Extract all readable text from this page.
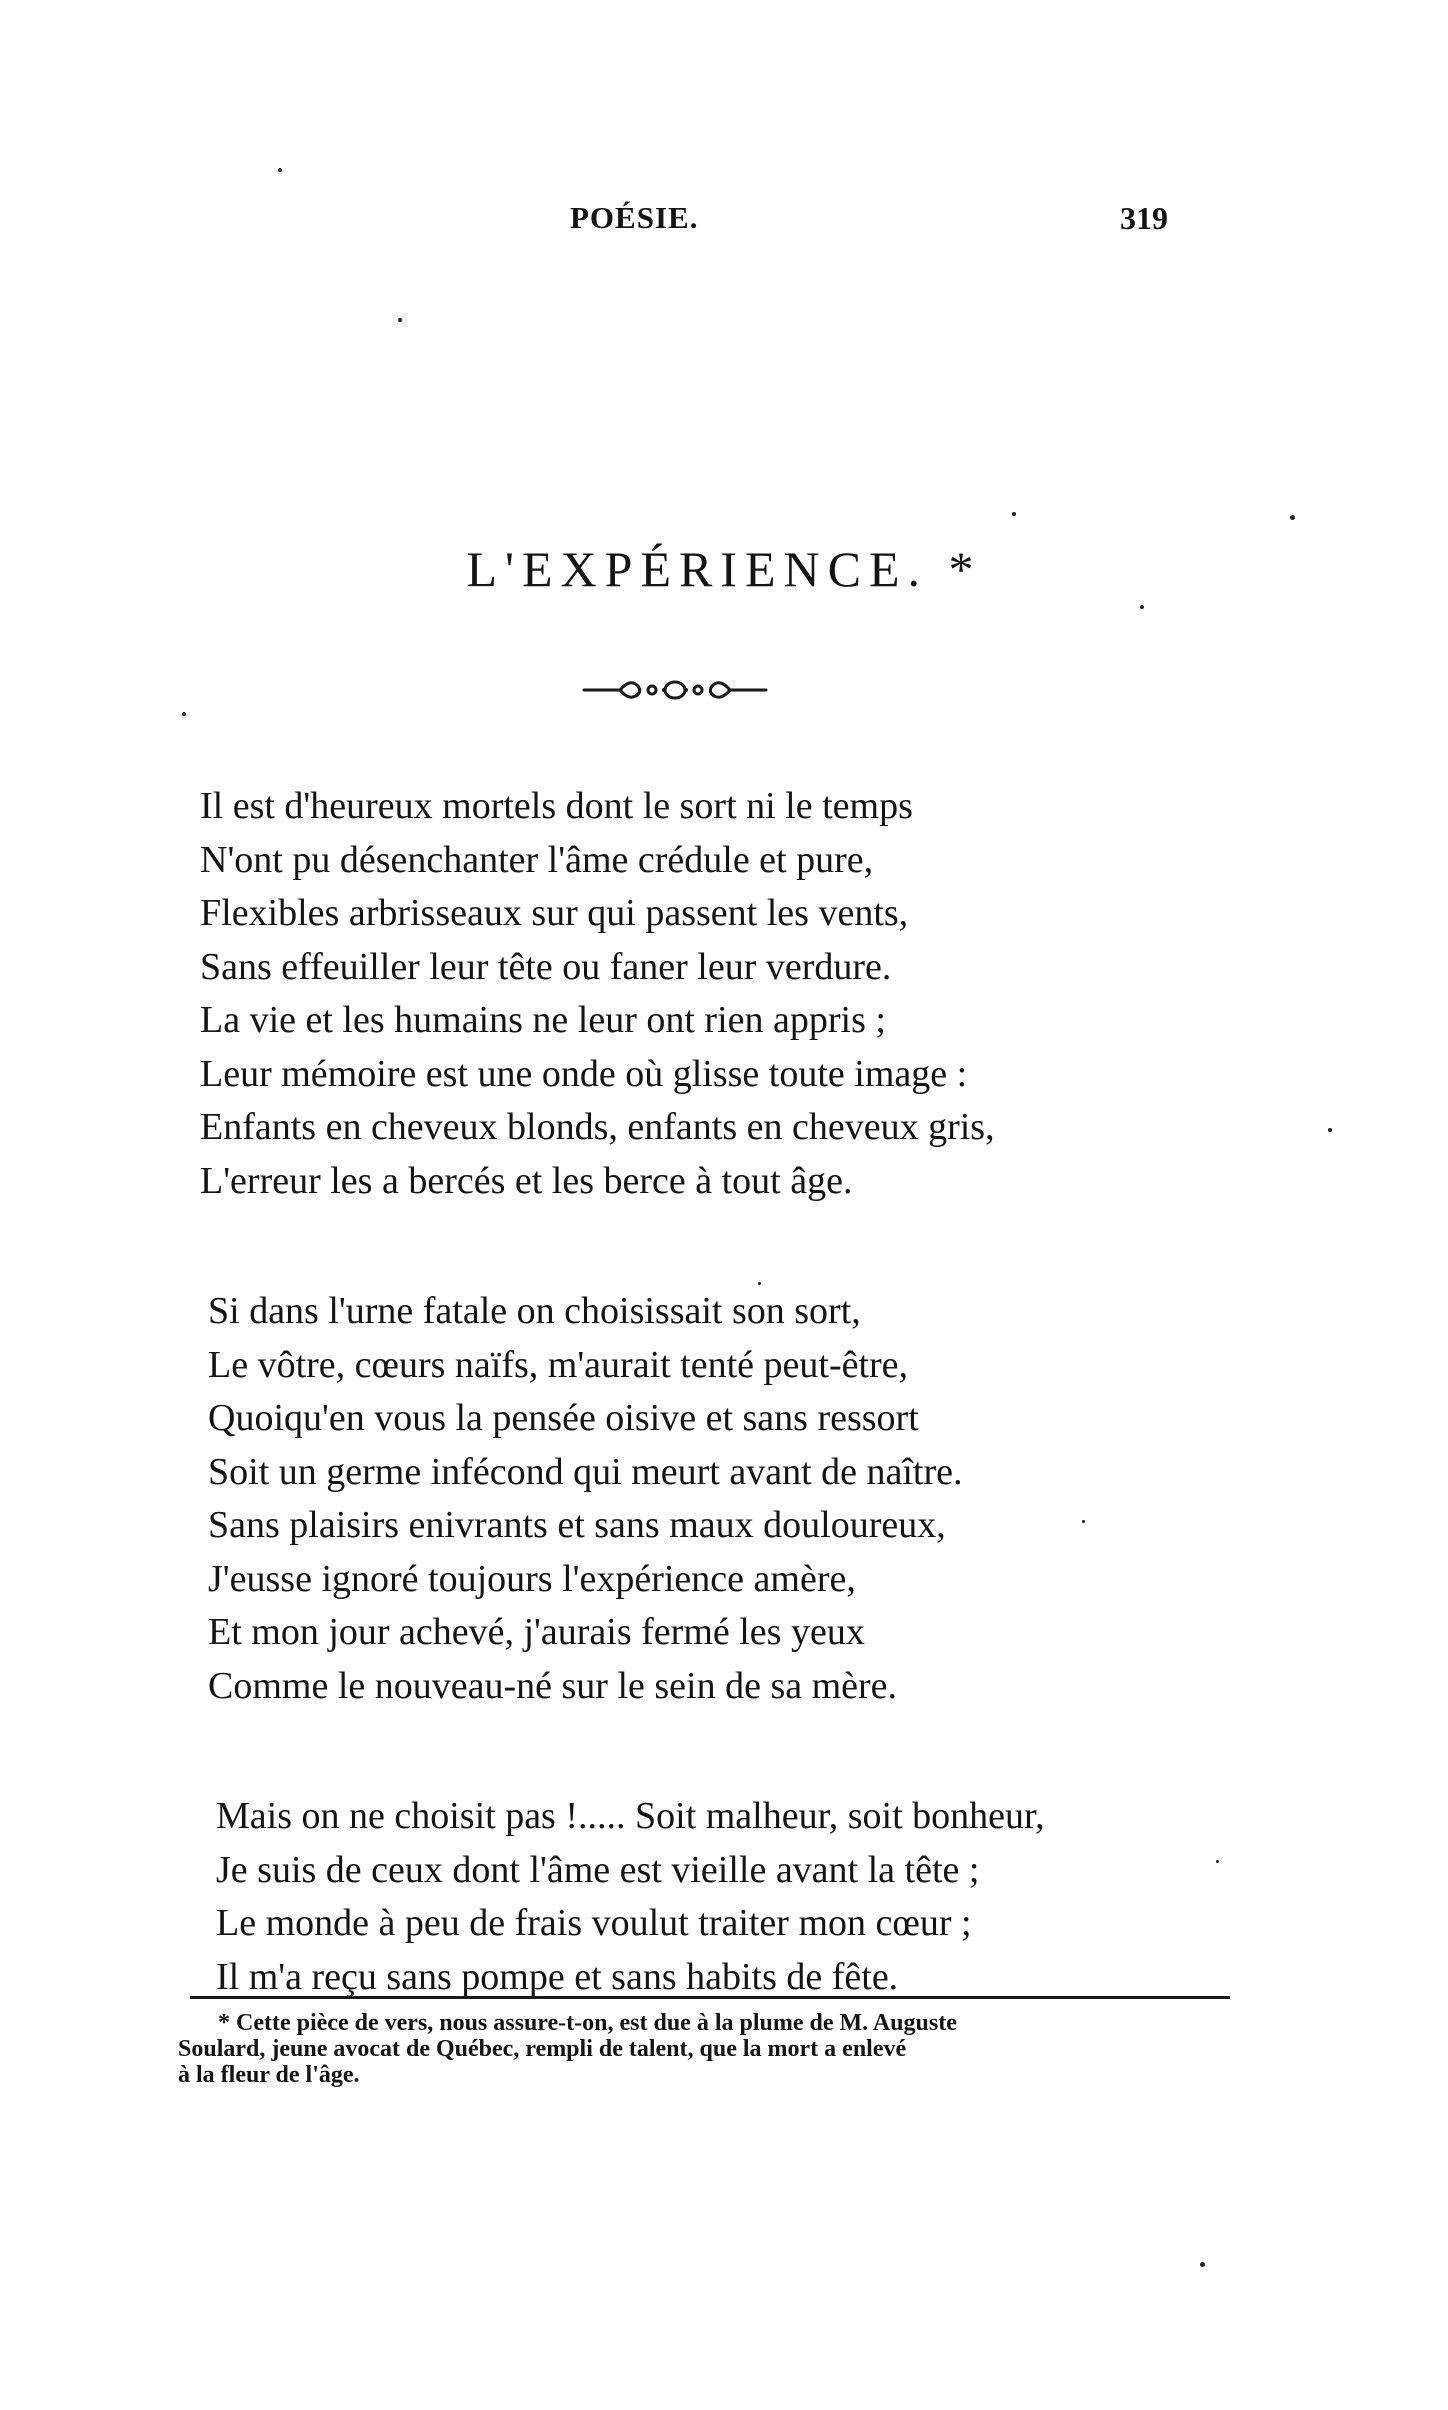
POÉSIE.	319
L'EXPÉRIENCE. *
Il est d'heureux mortels dont le sort ni le temps
N'ont pu désenchanter l'âme crédule et pure,
Flexibles arbrisseaux sur qui passent les vents,
Sans effeuiller leur tête ou faner leur verdure.
La vie et les humains ne leur ont rien appris ;
Leur mémoire est une onde où glisse toute image :
Enfants en cheveux blonds, enfants en cheveux gris,
L'erreur les a bercés et les berce à tout âge.
Si dans l'urne fatale on choisissait son sort,
Le vôtre, cœurs naïfs, m'aurait tenté peut-être,
Quoiqu'en vous la pensée oisive et sans ressort
Soit un germe infécond qui meurt avant de naître.
Sans plaisirs enivrants et sans maux douloureux,
J'eusse ignoré toujours l'expérience amère,
Et mon jour achevé, j'aurais fermé les yeux
Comme le nouveau-né sur le sein de sa mère.
Mais on ne choisit pas !..... Soit malheur, soit bonheur,
Je suis de ceux dont l'âme est vieille avant la tête ;
Le monde à peu de frais voulut traiter mon cœur ;
Il m'a reçu sans pompe et sans habits de fête.
* Cette pièce de vers, nous assure-t-on, est due à la plume de M. Auguste
Soulard, jeune avocat de Québec, rempli de talent, que la mort a enlevé
à la fleur de l'âge.
